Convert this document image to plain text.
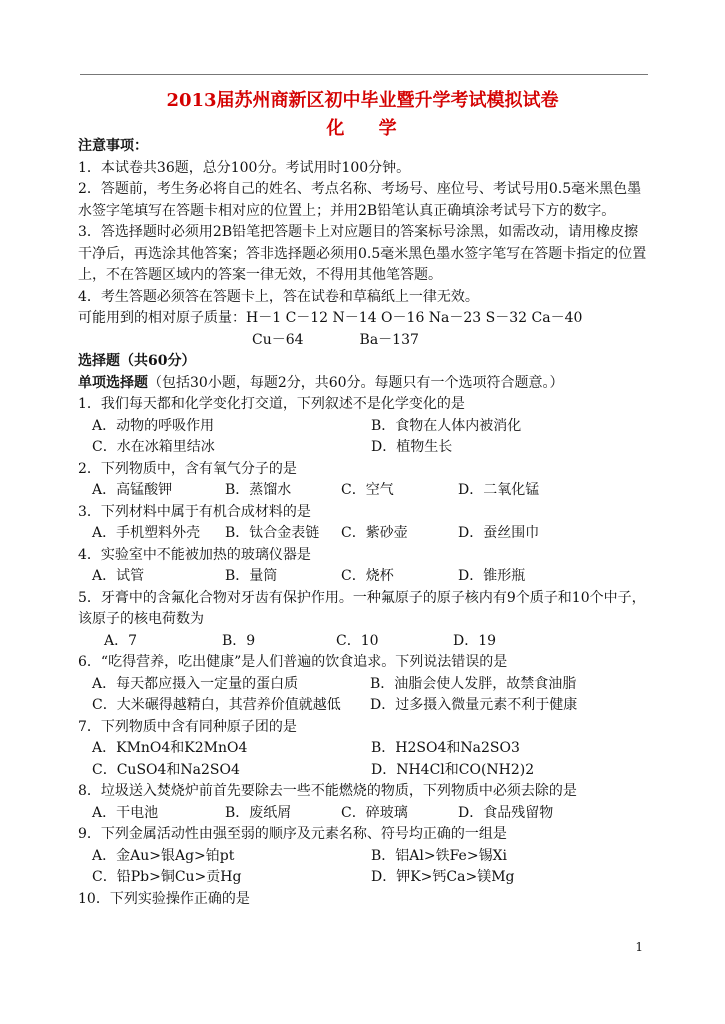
2013届苏州商新区初中毕业暨升学考试模拟试卷
化 学

注意事项：

1．本试卷共36题，总分100分。考试用时100分钟。

2．答题前，考生务必将自己的姓名、考点名称、考场号、座位号、考试号用0.5毫米黑色墨水签字笔填写在答题卡相对应的位置上；并用2B铅笔认真正确填涂考试号下方的数字。

3．答选择题时必须用2B铅笔把答题卡上对应题目的答案标号涂黑，如需改动，请用橡皮擦干净后，再选涂其他答案；答非选择题必须用0.5毫米黑色墨水签字笔写在答题卡指定的位置上，不在答题区域内的答案一律无效，不得用其他笔答题。

4．考生答题必须答在答题卡上，答在试卷和草稿纸上一律无效。

可能用到的相对原子质量：H－1 C－12 N－14 O－16 Na－23 S－32 Ca－40

Cu－64	Ba－137

选择题（共60分）

单项选择题（包括30小题，每题2分，共60分。每题只有一个选项符合题意。）

1．我们每天都和化学变化打交道，下列叙述不是化学变化的是

A．动物的呼吸作用	B．食物在人体内被消化
C．水在冰箱里结冰	D．植物生长

2．下列物质中，含有氧气分子的是

A．高锰酸钾	B．蒸馏水	C．空气	D．二氧化锰

3．下列材料中属于有机合成材料的是

A．手机塑料外壳	B．钛合金表链	C．紫砂壶	D．蚕丝围巾

4．实验室中不能被加热的玻璃仪器是

A．试管	B．量筒	C．烧杯	D．锥形瓶

5．牙膏中的含氟化合物对牙齿有保护作用。一种氟原子的原子核内有9个质子和10个中子，该原子的核电荷数为

A．7	B．9	C．10	D．19

6．“吃得营养，吃出健康”是人们普遍的饮食追求。下列说法错误的是

A．每天都应摄入一定量的蛋白质	B．油脂会使人发胖，故禁食油脂
C．大米碾得越精白，其营养价值就越低	D．过多摄入微量元素不利于健康

7．下列物质中含有同种原子团的是

A．KMnO4和K2MnO4	B．H2SO4和Na2SO3
C．CuSO4和Na2SO4	D．NH4Cl和CO(NH2)2

8．垃圾送入焚烧炉前首先要除去一些不能燃烧的物质，下列物质中必须去除的是

A．干电池	B．废纸屑	C．碎玻璃	D．食品残留物

9．下列金属活动性由强至弱的顺序及元素名称、符号均正确的一组是

A．金Au>银Ag>铂pt	B．铝Al>铁Fe>锡Xi
C．铅Pb>铜Cu>贡Hg	D．钾K>钙Ca>镁Mg

10．下列实验操作正确的是

1
